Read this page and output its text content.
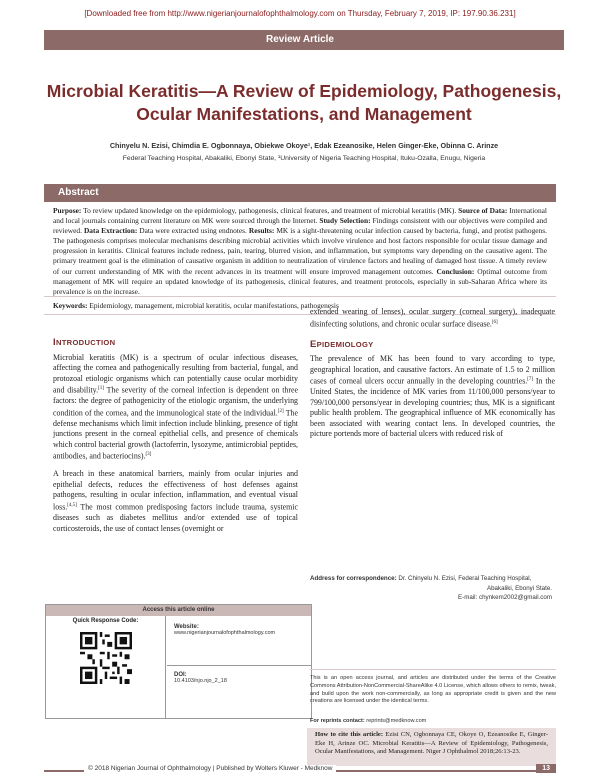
[Downloaded free from http://www.nigerianjournalofophthalmology.com on Thursday, February 7, 2019, IP: 197.90.36.231]
Review Article
Microbial Keratitis—A Review of Epidemiology, Pathogenesis,
Ocular Manifestations, and Management
Chinyelu N. Ezisi, Chimdia E. Ogbonnaya, Obiekwe Okoye¹, Edak Ezeanosike, Helen Ginger-Eke, Obinna C. Arinze
Federal Teaching Hospital, Abakaliki, Ebonyi State, ¹University of Nigeria Teaching Hospital, Ituku-Ozalla, Enugu, Nigeria
Abstract

Purpose: To review updated knowledge on the epidemiology, pathogenesis, clinical features, and treatment of microbial keratitis (MK). Source of Data: International and local journals containing current literature on MK were sourced through the Internet. Study Selection: Findings consistent with our objectives were compiled and reviewed. Data Extraction: Data were extracted using endnotes. Results: MK is a sight-threatening ocular infection caused by bacteria, fungi, and protist pathogens. The pathogenesis comprises molecular mechanisms describing microbial activities which involve virulence and host factors responsible for ocular tissue damage and progression in keratitis. Clinical features include redness, pain, tearing, blurred vision, and inflammation, but symptoms vary depending on the causative agent. The primary treatment goal is the elimination of causative organism in addition to neutralization of virulence factors and healing of damaged host tissue. A timely review of our current understanding of MK with the recent advances in its treatment will ensure improved management outcomes. Conclusion: Optimal outcome from management of MK will require an updated knowledge of its pathogenesis, clinical features, and treatment protocols, especially in sub-Saharan Africa where its prevalence is on the increase.

Keywords: Epidemiology, management, microbial keratitis, ocular manifestations, pathogenesis
INTRODUCTION

Microbial keratitis (MK) is a spectrum of ocular infectious diseases, affecting the cornea and pathogenically resulting from bacterial, fungal, and protozoal etiologic organisms which can potentially cause ocular morbidity and disability.[1] The severity of the corneal infection is dependent on three factors: the degree of pathogenicity of the etiologic organism, the underlying condition of the cornea, and the immunological state of the individual.[2] The defense mechanisms which limit infection include blinking, presence of tight junctions present in the corneal epithelial cells, and presence of chemicals which control bacterial growth (lactoferrin, lysozyme, antimicrobial peptides, antibodies, and bacteriocins).[3]

A breach in these anatomical barriers, mainly from ocular injuries and epithelial defects, reduces the effectiveness of host defenses against pathogens, resulting in ocular infection, inflammation, and eventual visual loss.[4,5] The most common predisposing factors include trauma, systemic diseases such as diabetes mellitus and/or extended use of topical corticosteroids, the use of contact lenses (overnight or

extended wearing of lenses), ocular surgery (corneal surgery), inadequate disinfecting solutions, and chronic ocular surface disease.[6]

EPIDEMIOLOGY

The prevalence of MK has been found to vary according to type, geographical location, and causative factors. An estimate of 1.5 to 2 million cases of corneal ulcers occur annually in the developing countries.[7] In the United States, the incidence of MK varies from 11/100,000 persons/year to 799/100,000 persons/year in developing countries; thus, MK is a significant public health problem. The geographical influence of MK economically has been associated with wearing contact lens. In developed countries, the picture portends more of bacterial ulcers with reduced risk of

Access this article online
Quick Response Code:
Website:
www.nigerianjournalofophthalmology.com
DOI:
10.4103/njo.njo_2_18
Address for correspondence: Dr. Chinyelu N. Ezisi, Federal Teaching Hospital,
Abakaliki, Ebonyi State.
E-mail: chynkem2002@gmail.com
This is an open access journal, and articles are distributed under the terms of the Creative Commons Attribution-NonCommercial-ShareAlike 4.0 License, which allows others to remix, tweak, and build upon the work non-commercially, as long as appropriate credit is given and the new creations are licensed under the identical terms.
For reprints contact: reprints@medknow.com
How to cite this article: Ezisi CN, Ogbonnaya CE, Okoye O, Ezeanosike E, Ginger-Eke H, Arinze OC. Microbial Keratitis—A Review of Epidemiology, Pathogenesis, Ocular Manifestations, and Management. Niger J Ophthalmol 2018;26:13-23.
© 2018 Nigerian Journal of Ophthalmology | Published by Wolters Kluwer - Medknow	13
